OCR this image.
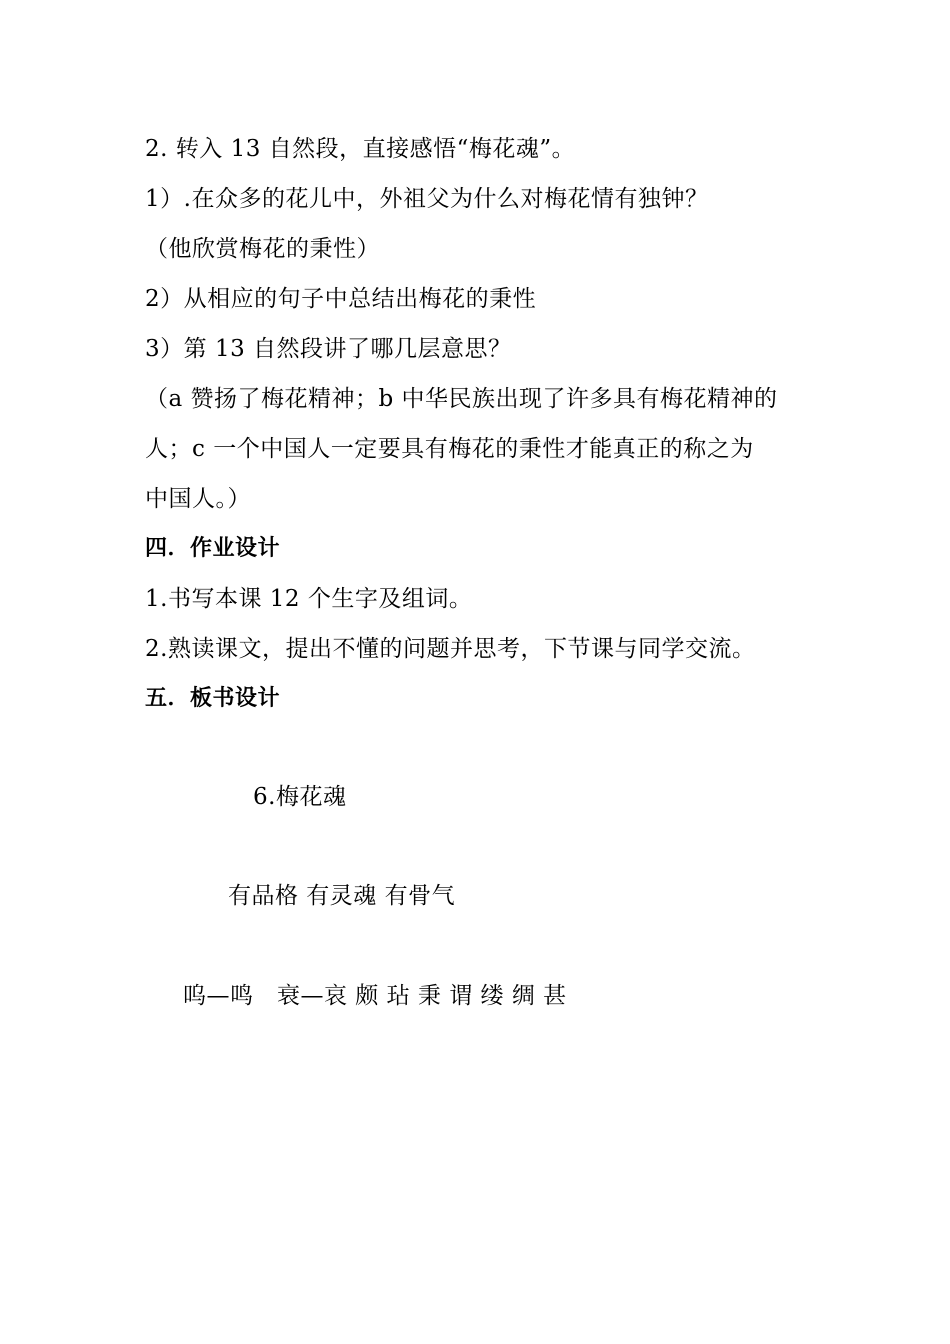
2. 转入 13 自然段，直接感悟“梅花魂”。
1）.在众多的花儿中，外祖父为什么对梅花情有独钟？
（他欣赏梅花的秉性）
2）从相应的句子中总结出梅花的秉性
3）第 13 自然段讲了哪几层意思？
（a 赞扬了梅花精神；b 中华民族出现了许多具有梅花精神的
人；c 一个中国人一定要具有梅花的秉性才能真正的称之为
中国人。）
四．作业设计
1.书写本课 12 个生字及组词。
2.熟读课文，提出不懂的问题并思考，下节课与同学交流。
五．板书设计
6.梅花魂
有品格 有灵魂 有骨气
呜—鸣　衰—哀 颇 玷 秉 谓 缕 绸 甚
